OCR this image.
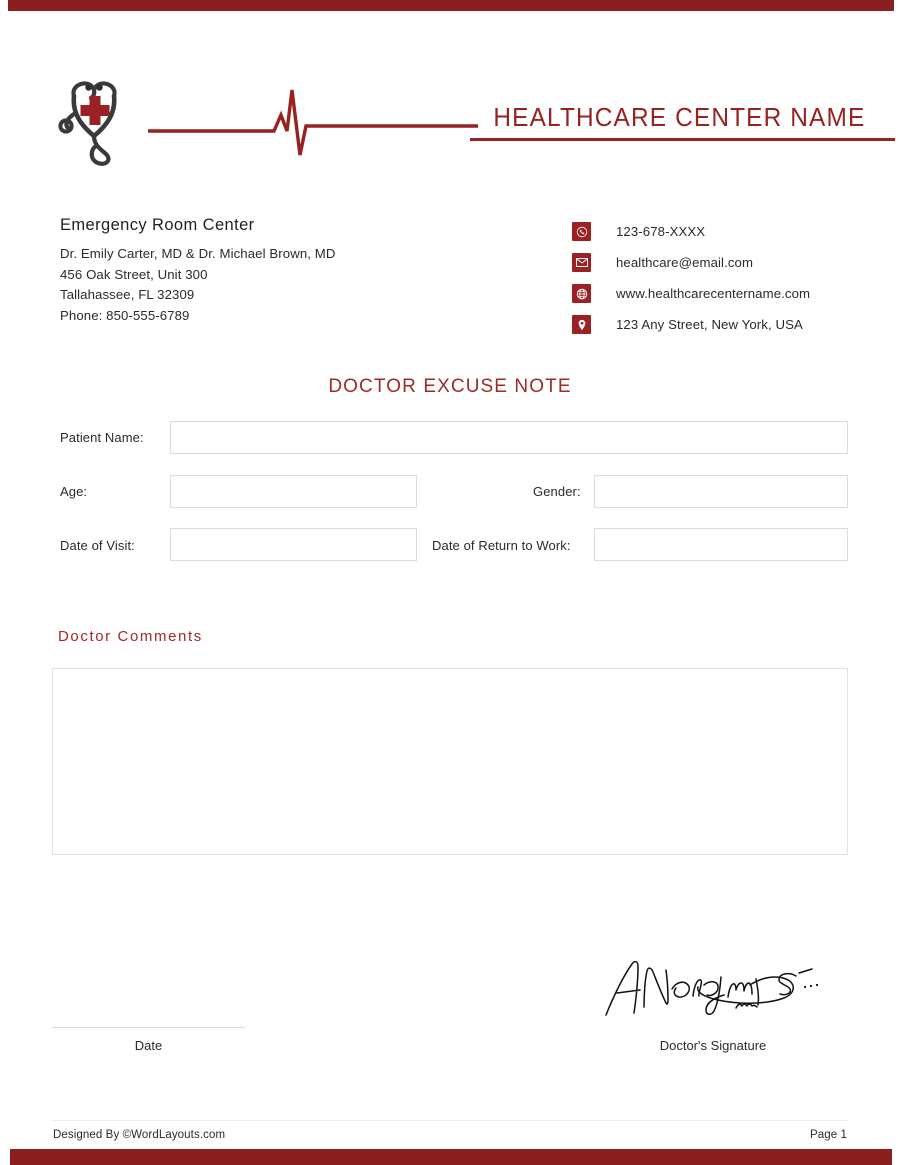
HEALTHCARE CENTER NAME
Emergency Room Center
Dr. Emily Carter, MD & Dr. Michael Brown, MD
456 Oak Street, Unit 300
Tallahassee, FL 32309
Phone: 850-555-6789
123-678-XXXX
healthcare@email.com
www.healthcarecentername.com
123 Any Street, New York, USA
DOCTOR EXCUSE NOTE
Patient Name:
Age:	Gender:
Date of Visit:	Date of Return to Work:
Doctor Comments
Date	Doctor's Signature
Designed By ©WordLayouts.com	Page 1
